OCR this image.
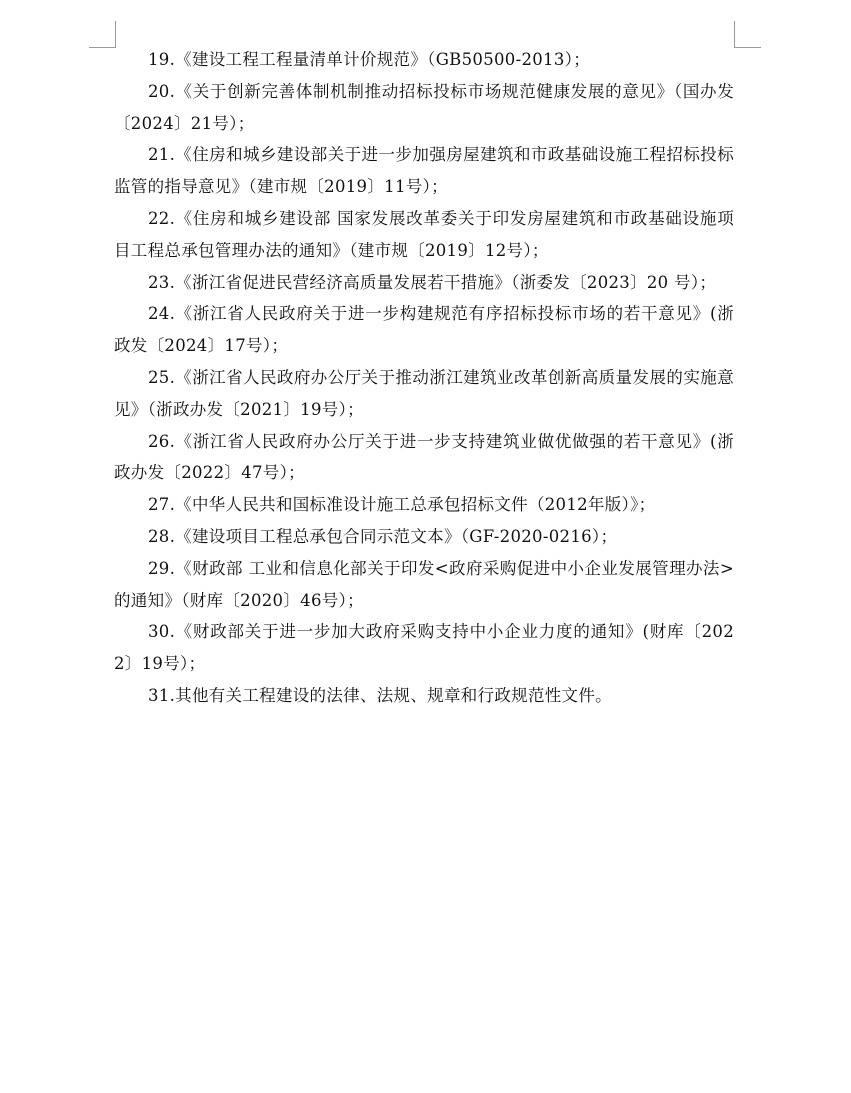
19.《建设工程工程量清单计价规范》（GB50500-2013）；

20.《关于创新完善体制机制推动招标投标市场规范健康发展的意见》（国办发〔2024〕21号）；

21.《住房和城乡建设部关于进一步加强房屋建筑和市政基础设施工程招标投标监管的指导意见》（建市规〔2019〕11号）；

22.《住房和城乡建设部 国家发展改革委关于印发房屋建筑和市政基础设施项目工程总承包管理办法的通知》（建市规〔2019〕12号）；

23.《浙江省促进民营经济高质量发展若干措施》（浙委发〔2023〕20 号）；

24.《浙江省人民政府关于进一步构建规范有序招标投标市场的若干意见》(浙政发〔2024〕17号）；

25.《浙江省人民政府办公厅关于推动浙江建筑业改革创新高质量发展的实施意见》（浙政办发〔2021〕19号）；

26.《浙江省人民政府办公厅关于进一步支持建筑业做优做强的若干意见》(浙政办发〔2022〕47号）；

27.《中华人民共和国标准设计施工总承包招标文件（2012年版）》；

28.《建设项目工程总承包合同示范文本》（GF-2020-0216）；

29.《财政部 工业和信息化部关于印发<政府采购促进中小企业发展管理办法>的通知》（财库〔2020〕46号）；

30.《财政部关于进一步加大政府采购支持中小企业力度的通知》(财库〔2022〕19号）；

31.其他有关工程建设的法律、法规、规章和行政规范性文件。
